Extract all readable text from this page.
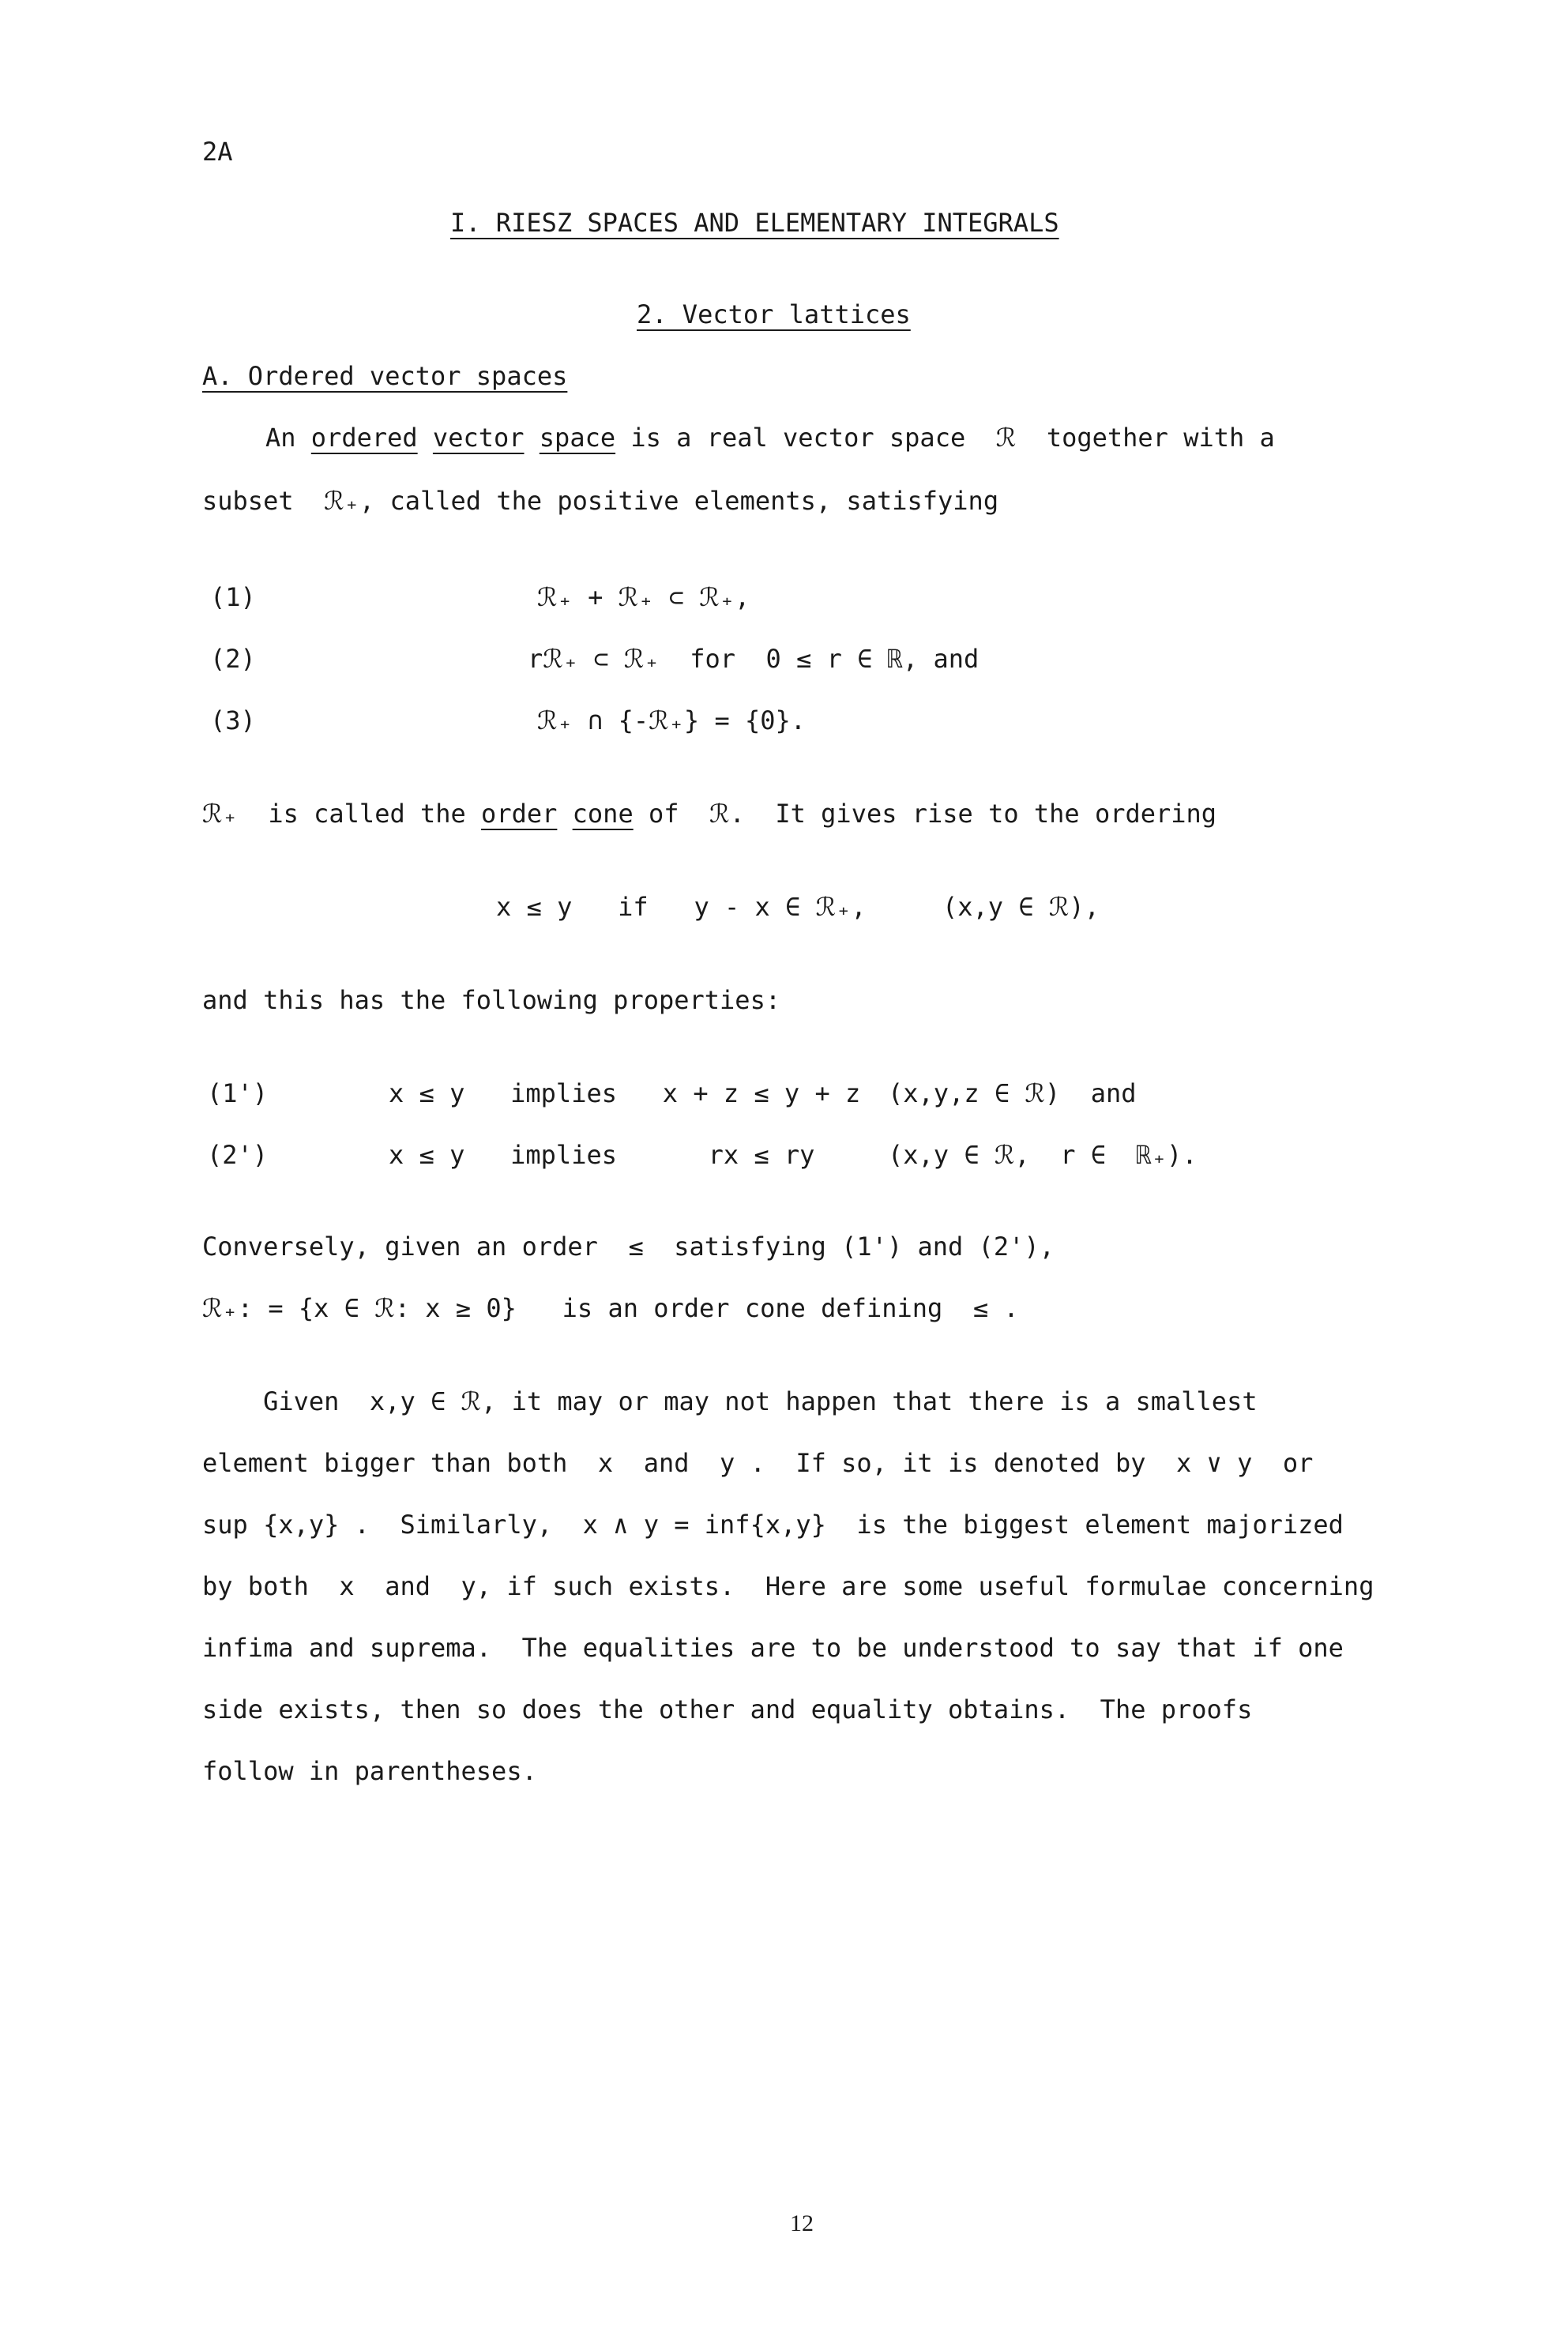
2A
I. RIESZ SPACES AND ELEMENTARY INTEGRALS
2. Vector lattices
A. Ordered vector spaces
An ordered vector space is a real vector space  ℛ  together with a
subset  ℛ₊, called the positive elements, satisfying
(1)	ℛ₊ + ℛ₊ ⊂ ℛ₊,
(2)	rℛ₊ ⊂ ℛ₊  for  0 ≤ r ∈ ℝ, and
(3)	ℛ₊ ∩ {-ℛ₊} = {0}.
ℛ₊  is called the order cone of  ℛ.  It gives rise to the ordering
x ≤ y   if   y - x ∈ ℛ₊,     (x,y ∈ ℛ),
and this has the following properties:
(1')	x ≤ y   implies   x + z ≤ y + z (x,y,z ∈ ℛ)  and
(2')	x ≤ y   implies      rx ≤ ry	(x,y ∈ ℛ,  r ∈  ℝ₊).
Conversely, given an order  ≤  satisfying (1') and (2'),
ℛ₊: = {x ∈ ℛ: x ≥ 0}   is an order cone defining  ≤ .
Given  x,y ∈ ℛ, it may or may not happen that there is a smallest
element bigger than both  x  and  y .  If so, it is denoted by  x ∨ y  or
sup {x,y} .  Similarly,  x ∧ y = inf{x,y}  is the biggest element majorized
by both  x  and  y, if such exists.  Here are some useful formulae concerning
infima and suprema.  The equalities are to be understood to say that if one
side exists, then so does the other and equality obtains.  The proofs
follow in parentheses.
12
